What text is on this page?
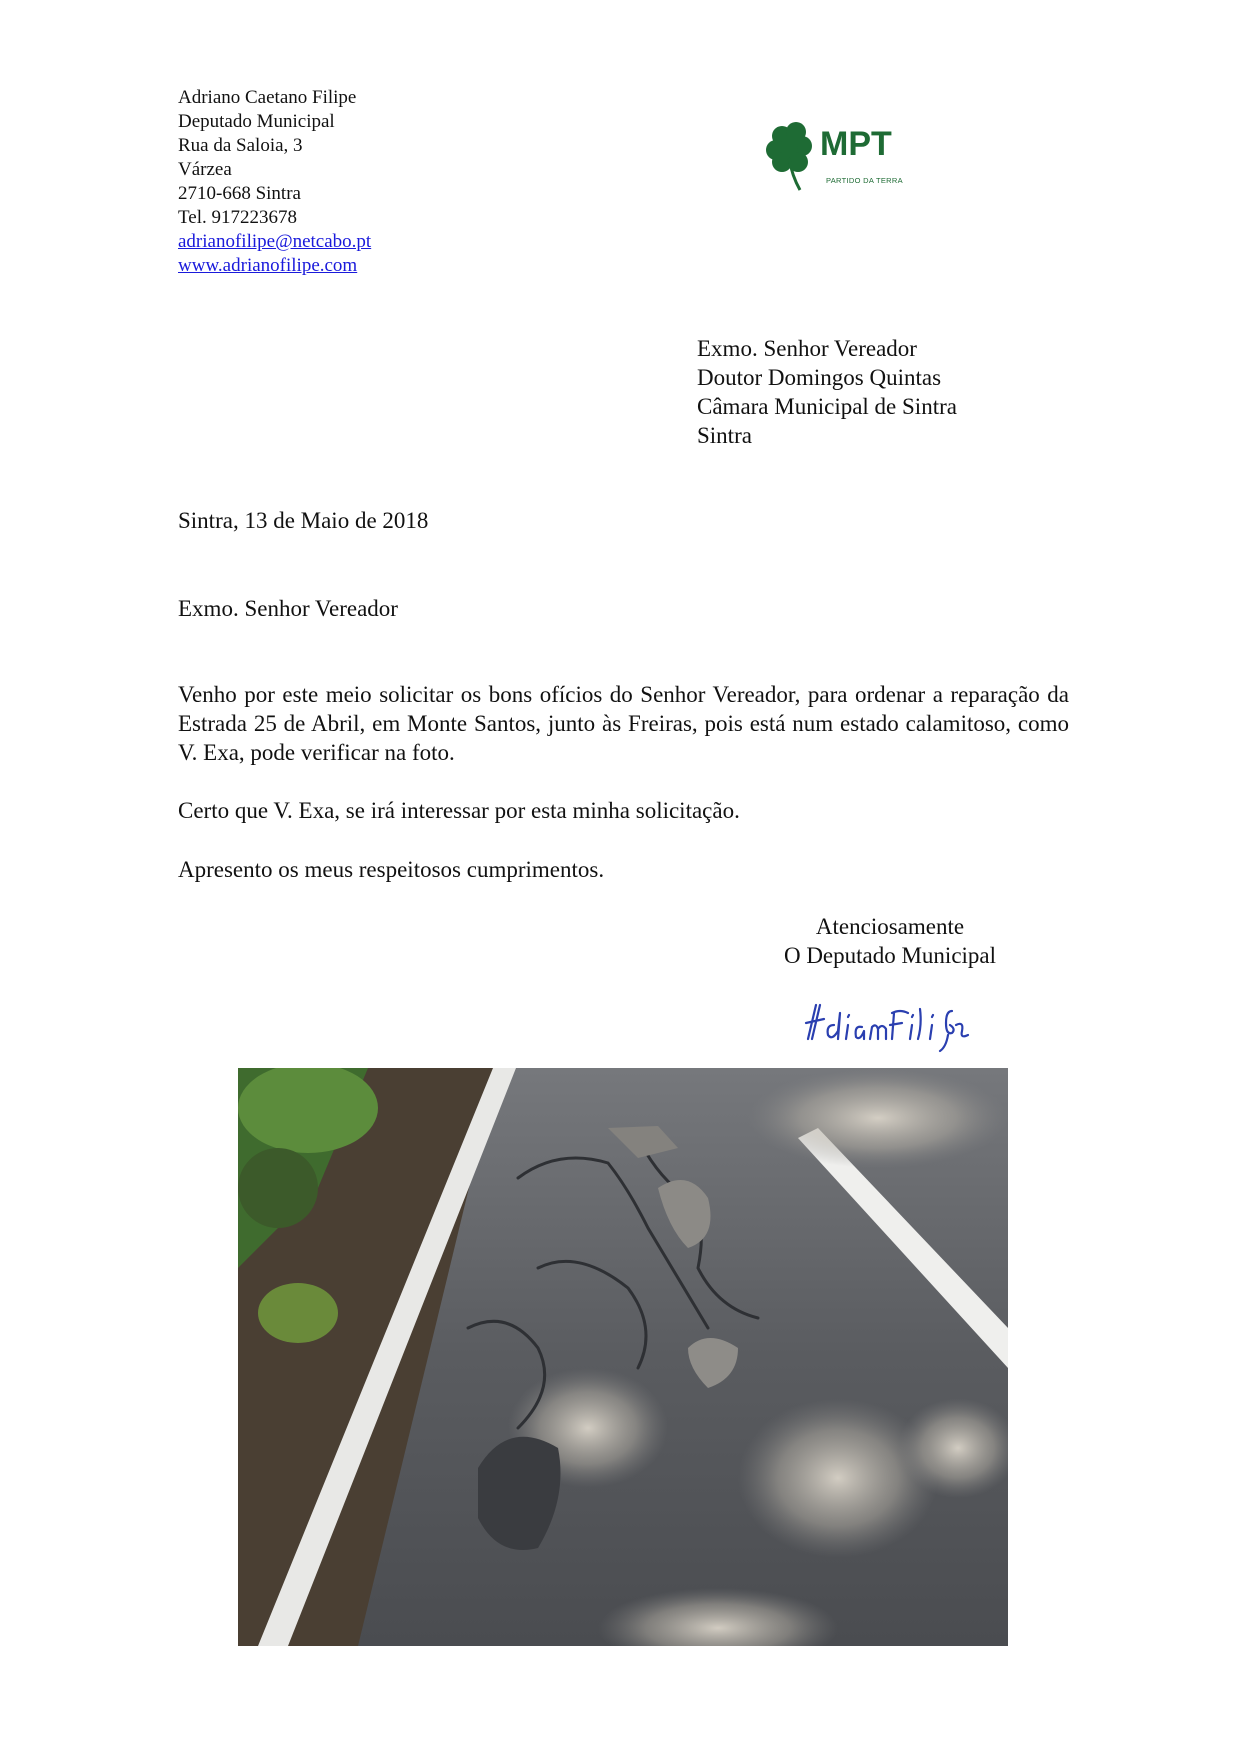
Adriano Caetano Filipe
Deputado Municipal
Rua da Saloia, 3
Várzea
2710-668 Sintra
Tel. 917223678
adrianofilipe@netcabo.pt
www.adrianofilipe.com
MPT
PARTIDO DA TERRA
Exmo. Senhor Vereador
Doutor Domingos Quintas
Câmara Municipal de Sintra
Sintra
Sintra, 13 de Maio de 2018
Exmo. Senhor Vereador
Venho por este meio solicitar os bons ofícios do Senhor Vereador, para ordenar a reparação da Estrada 25 de Abril, em Monte Santos, junto às Freiras, pois está num estado calamitoso, como V. Exa, pode verificar na foto.
Certo que V. Exa, se irá interessar por esta minha solicitação.
Apresento os meus respeitosos cumprimentos.
Atenciosamente
O Deputado Municipal
